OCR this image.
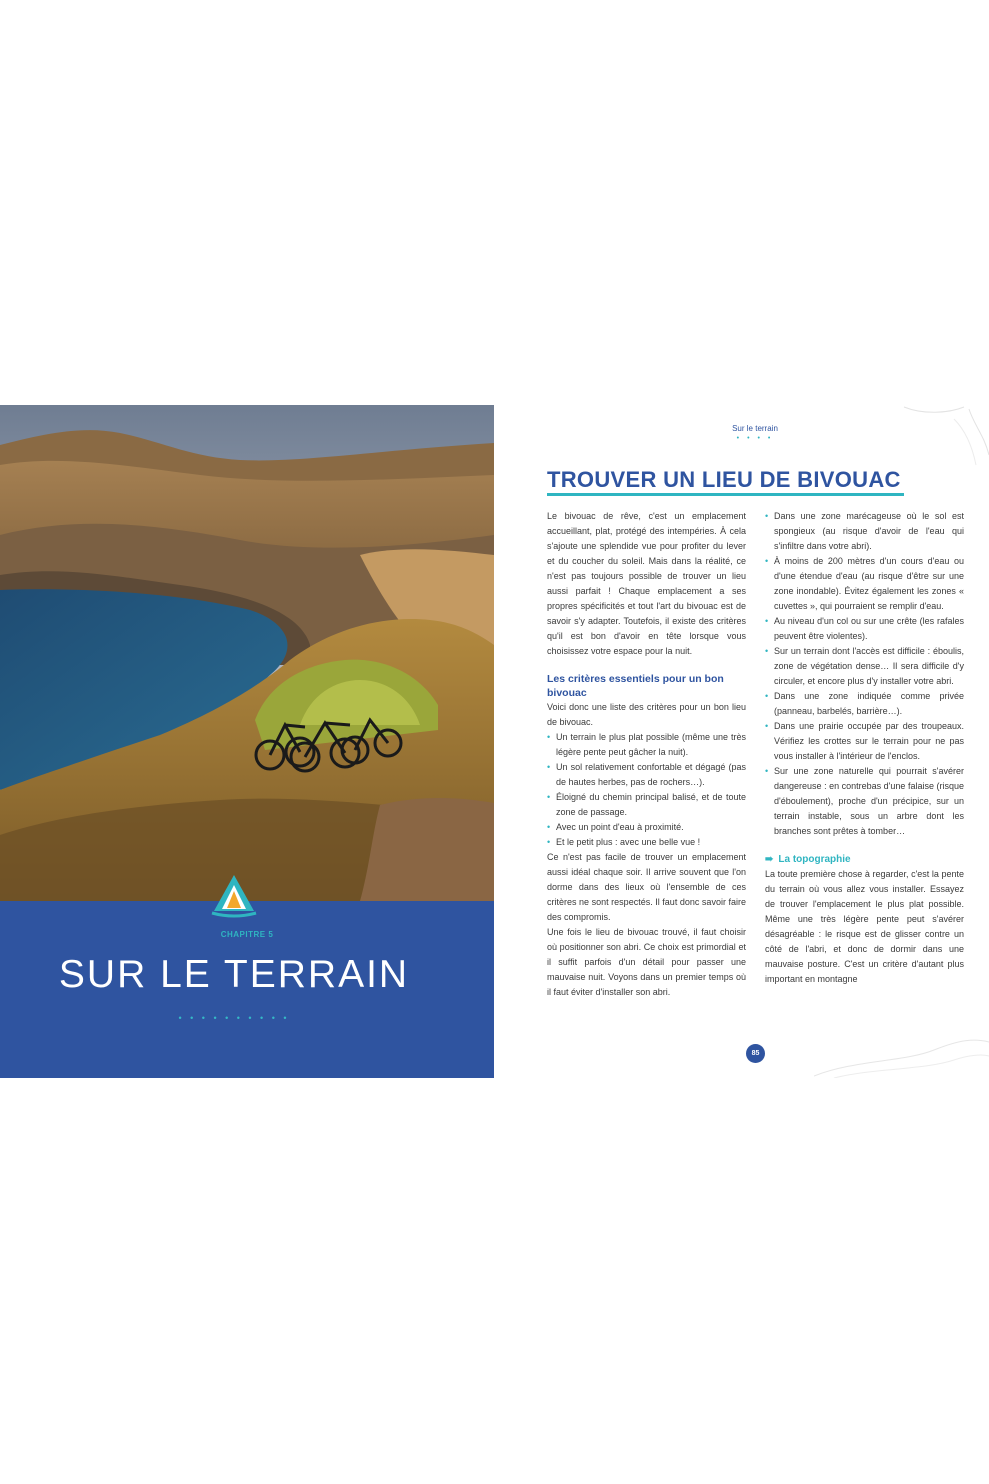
CHAPITRE 5
SUR LE TERRAIN
• • • • • • • • • •
Sur le terrain
• • • •
TROUVER UN LIEU DE BIVOUAC

Le bivouac de rêve, c'est un emplacement accueillant, plat, protégé des intempéries. À cela s'ajoute une splendide vue pour profiter du lever et du coucher du soleil. Mais dans la réalité, ce n'est pas toujours possible de trouver un lieu aussi parfait ! Chaque emplacement a ses propres spécificités et tout l'art du bivouac est de savoir s'y adapter. Toutefois, il existe des critères qu'il est bon d'avoir en tête lorsque vous choisissez votre espace pour la nuit.

Les critères essentiels pour un bon bivouac

Voici donc une liste des critères pour un bon lieu de bivouac.

• Un terrain le plus plat possible (même une très légère pente peut gâcher la nuit).
• Un sol relativement confortable et dégagé (pas de hautes herbes, pas de rochers…).
• Éloigné du chemin principal balisé, et de toute zone de passage.
• Avec un point d'eau à proximité.
• Et le petit plus : avec une belle vue !

Ce n'est pas facile de trouver un emplacement aussi idéal chaque soir. Il arrive souvent que l'on dorme dans des lieux où l'ensemble de ces critères ne sont respectés. Il faut donc savoir faire des compromis.

Une fois le lieu de bivouac trouvé, il faut choisir où positionner son abri. Ce choix est primordial et il suffit parfois d'un détail pour passer une mauvaise nuit. Voyons dans un premier temps où il faut éviter d'installer son abri.

• Dans une zone marécageuse où le sol est spongieux (au risque d'avoir de l'eau qui s'infiltre dans votre abri).
• À moins de 200 mètres d'un cours d'eau ou d'une étendue d'eau (au risque d'être sur une zone inondable). Évitez également les zones « cuvettes », qui pourraient se remplir d'eau.
• Au niveau d'un col ou sur une crête (les rafales peuvent être violentes).
• Sur un terrain dont l'accès est difficile : éboulis, zone de végétation dense… Il sera difficile d'y circuler, et encore plus d'y installer votre abri.
• Dans une zone indiquée comme privée (panneau, barbelés, barrière…).
• Dans une prairie occupée par des troupeaux. Vérifiez les crottes sur le terrain pour ne pas vous installer à l'intérieur de l'enclos.
• Sur une zone naturelle qui pourrait s'avérer dangereuse : en contrebas d'une falaise (risque d'éboulement), proche d'un précipice, sur un terrain instable, sous un arbre dont les branches sont prêtes à tomber…
➠ La topographie

La toute première chose à regarder, c'est la pente du terrain où vous allez vous installer. Essayez de trouver l'emplacement le plus plat possible. Même une très légère pente peut s'avérer désagréable : le risque est de glisser contre un côté de l'abri, et donc de dormir dans une mauvaise posture. C'est un critère d'autant plus important en montagne

85
